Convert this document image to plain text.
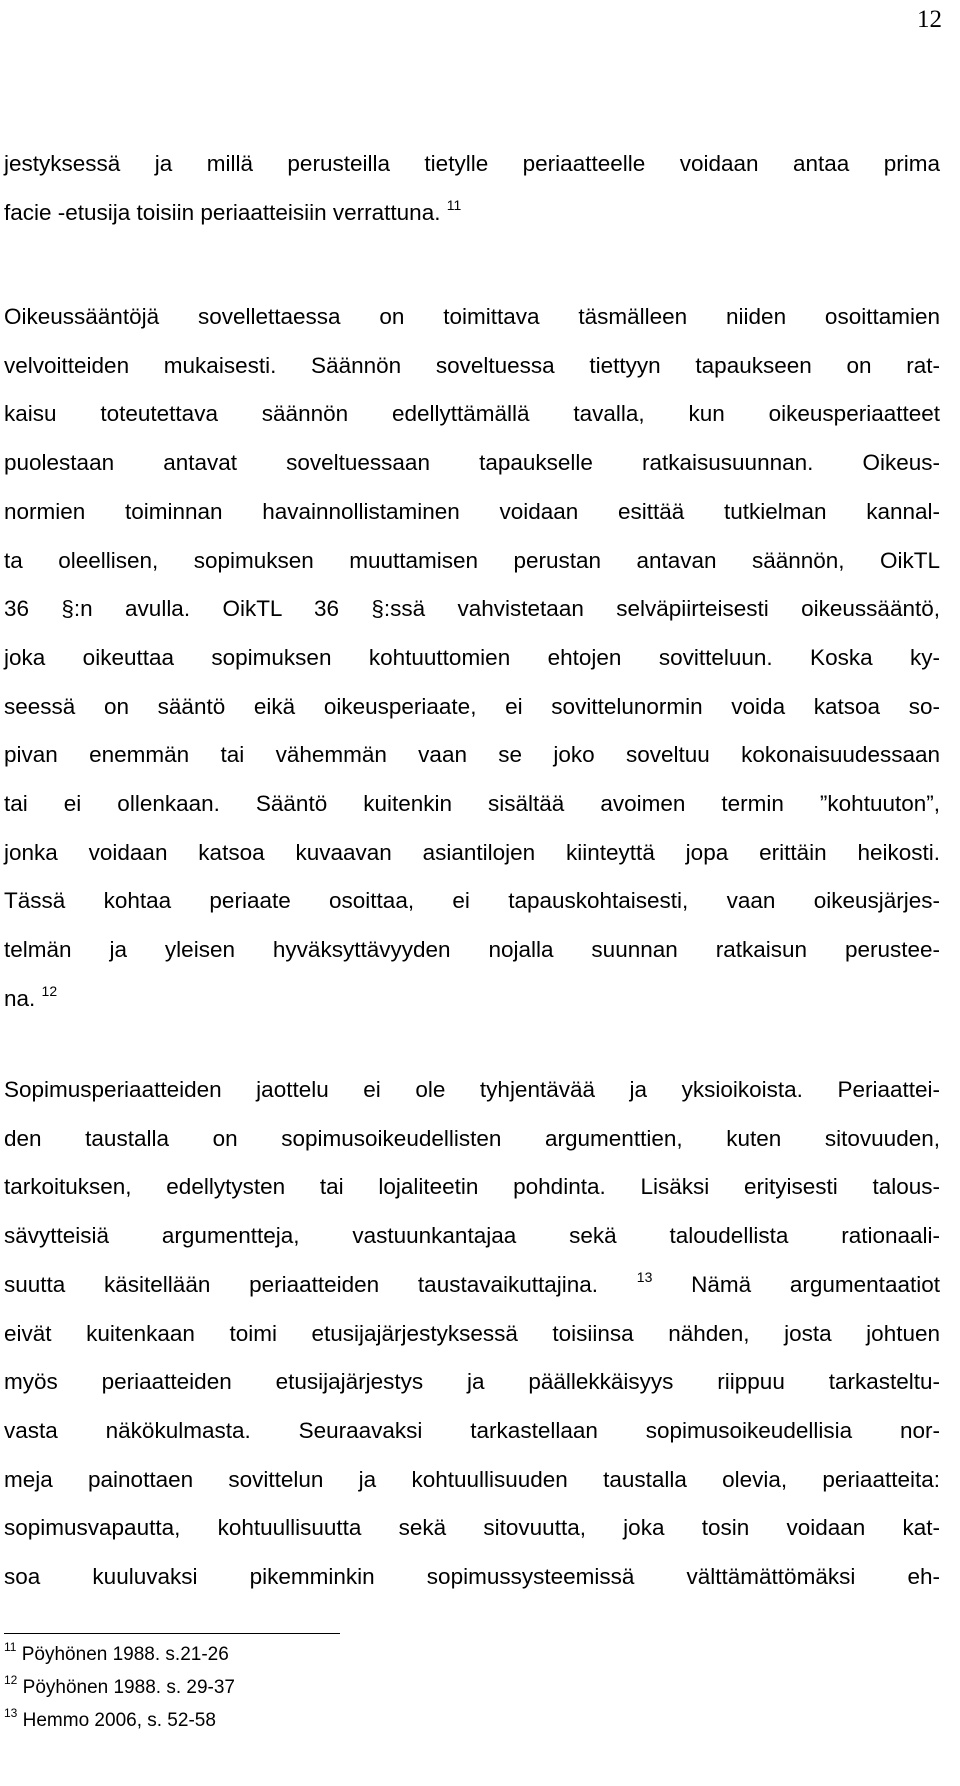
12
jestyksessä ja millä perusteilla tietylle periaatteelle voidaan antaa prima
facie -etusija toisiin periaatteisiin verrattuna. $^{11}$
Oikeussääntöjä sovellettaessa on toimittava täsmälleen niiden osoittamien
velvoitteiden mukaisesti. Säännön soveltuessa tiettyyn tapaukseen on rat-
kaisu toteutettava säännön edellyttämällä tavalla, kun oikeusperiaatteet
puolestaan antavat soveltuessaan tapaukselle ratkaisusuunnan. Oikeus-
normien toiminnan havainnollistaminen voidaan esittää tutkielman kannal-
ta oleellisen, sopimuksen muuttamisen perustan antavan säännön, OikTL
36 §:n avulla. OikTL 36 §:ssä vahvistetaan selväpiirteisesti oikeussääntö,
joka oikeuttaa sopimuksen kohtuuttomien ehtojen sovitteluun. Koska ky-
seessä on sääntö eikä oikeusperiaate, ei sovittelunormin voida katsoa so-
pivan enemmän tai vähemmän vaan se joko soveltuu kokonaisuudessaan
tai ei ollenkaan. Sääntö kuitenkin sisältää avoimen termin ”kohtuuton”,
jonka voidaan katsoa kuvaavan asiantilojen kiinteyttä jopa erittäin heikosti.
Tässä kohtaa periaate osoittaa, ei tapauskohtaisesti, vaan oikeusjärjes-
telmän ja yleisen hyväksyttävyyden nojalla suunnan ratkaisun perustee-
na. $^{12}$
Sopimusperiaatteiden jaottelu ei ole tyhjentävää ja yksioikoista. Periaattei-
den taustalla on sopimusoikeudellisten argumenttien, kuten sitovuuden,
tarkoituksen, edellytysten tai lojaliteetin pohdinta. Lisäksi erityisesti talous-
sävytteisiä argumentteja, vastuunkantajaa sekä taloudellista rationaali-
suutta käsitellään periaatteiden taustavaikuttajina.	$^{13}$ Nämä argumentaatiot
eivät kuitenkaan toimi etusijajärjestyksessä toisiinsa nähden, josta johtuen
myös periaatteiden etusijajärjestys ja päällekkäisyys riippuu tarkasteltu-
vasta näkökulmasta. Seuraavaksi tarkastellaan sopimusoikeudellisia nor-
meja painottaen sovittelun ja kohtuullisuuden taustalla olevia, periaatteita:
sopimusvapautta, kohtuullisuutta sekä sitovuutta, joka tosin voidaan kat-
soa kuuluvaksi pikemminkin sopimussysteemissä välttämättömäksi eh-
$^{11}$ Pöyhönen 1988. s.21-26
$^{12}$ Pöyhönen 1988. s. 29-37
$^{13}$ Hemmo 2006, s. 52-58
